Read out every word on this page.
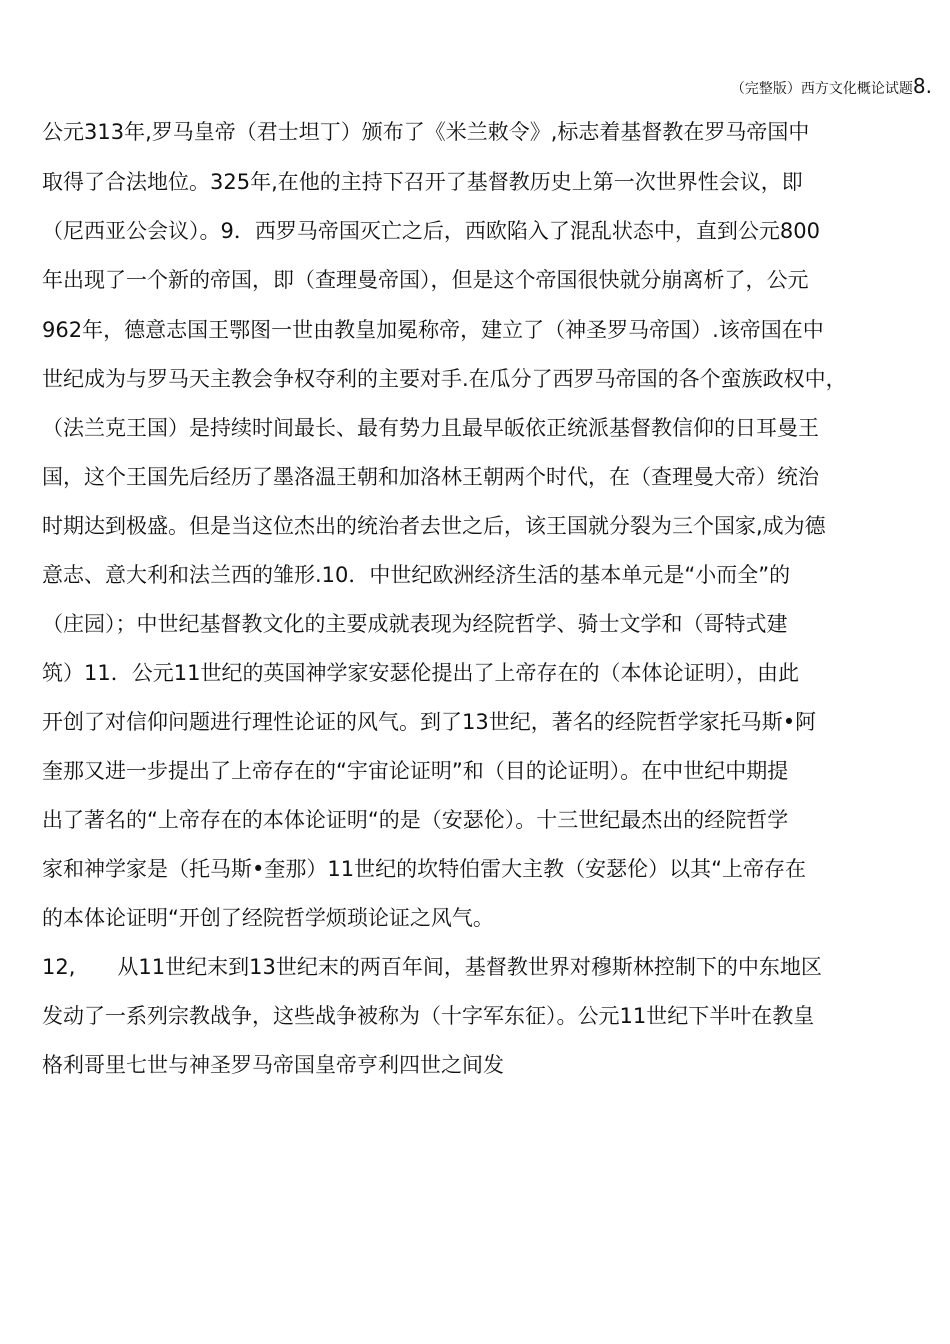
（完整版）西方文化概论试题8.
公元313年,罗马皇帝（君士坦丁）颁布了《米兰敕令》,标志着基督教在罗马帝国中
取得了合法地位。325年,在他的主持下召开了基督教历史上第一次世界性会议，即
（尼西亚公会议）。9．西罗马帝国灭亡之后，西欧陷入了混乱状态中，直到公元800
年出现了一个新的帝国，即（查理曼帝国），但是这个帝国很快就分崩离析了，公元
962年，德意志国王鄂图一世由教皇加冕称帝，建立了（神圣罗马帝国）.该帝国在中
世纪成为与罗马天主教会争权夺利的主要对手.在瓜分了西罗马帝国的各个蛮族政权中，
（法兰克王国）是持续时间最长、最有势力且最早皈依正统派基督教信仰的日耳曼王
国，这个王国先后经历了墨洛温王朝和加洛林王朝两个时代，在（查理曼大帝）统治
时期达到极盛。但是当这位杰出的统治者去世之后，该王国就分裂为三个国家,成为德
意志、意大利和法兰西的雏形.10．中世纪欧洲经济生活的基本单元是“小而全”的
（庄园）；中世纪基督教文化的主要成就表现为经院哲学、骑士文学和（哥特式建
筑）11．公元11世纪的英国神学家安瑟伦提出了上帝存在的（本体论证明），由此
开创了对信仰问题进行理性论证的风气。到了13世纪，著名的经院哲学家托马斯•阿
奎那又进一步提出了上帝存在的“宇宙论证明”和（目的论证明）。在中世纪中期提
出了著名的“上帝存在的本体论证明“的是（安瑟伦）。十三世纪最杰出的经院哲学
家和神学家是（托马斯•奎那）11世纪的坎特伯雷大主教（安瑟伦）以其“上帝存在
的本体论证明“开创了经院哲学烦琐论证之风气。
12,　　从11世纪末到13世纪末的两百年间，基督教世界对穆斯林控制下的中东地区
发动了一系列宗教战争，这些战争被称为（十字军东征）。公元11世纪下半叶在教皇
格利哥里七世与神圣罗马帝国皇帝亨利四世之间发
